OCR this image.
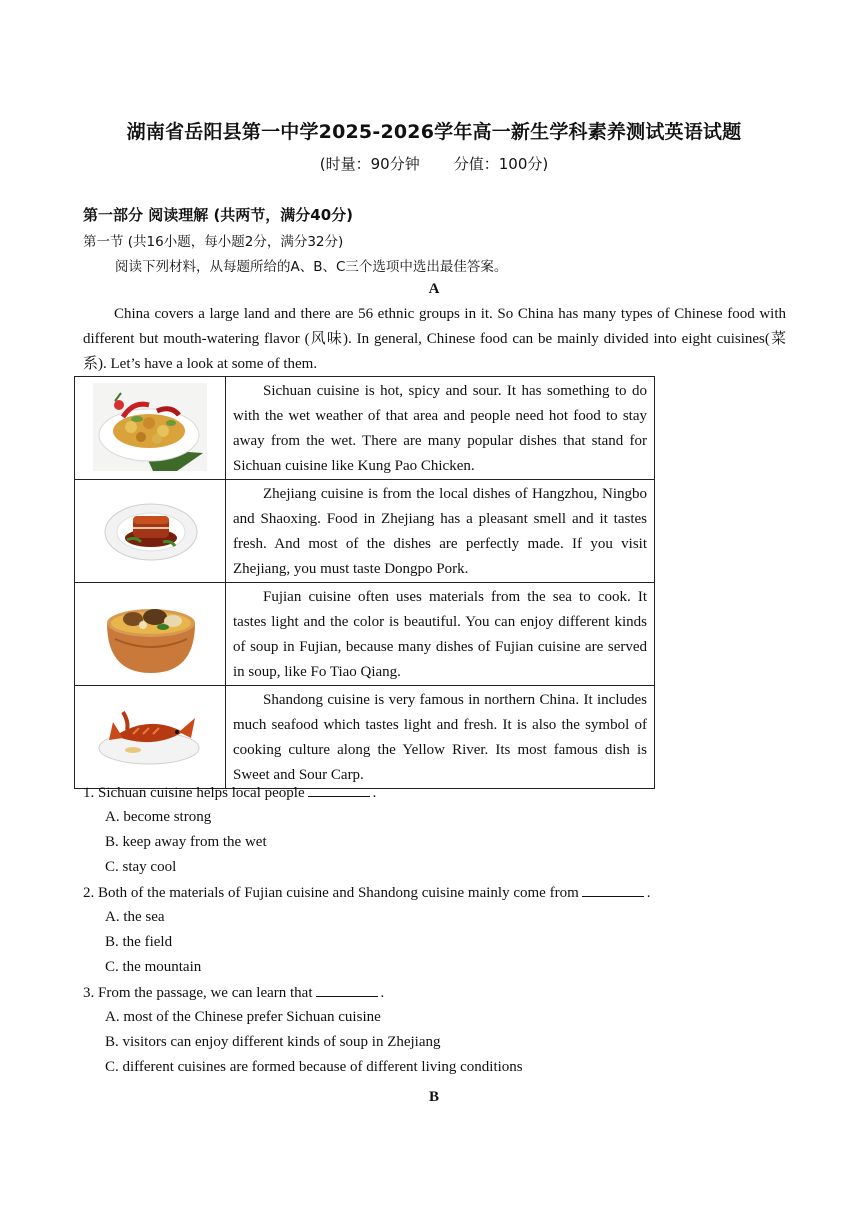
湖南省岳阳县第一中学2025-2026学年高一新生学科素养测试英语试题
(时量：90分钟 分值：100分)
第一部分 阅读理解 (共两节，满分40分)
第一节 (共16小题，每小题2分，满分32分)
阅读下列材料，从每题所给的A、B、C三个选项中选出最佳答案。
A
China covers a large land and there are 56 ethnic groups in it. So China has many types of Chinese food with different but mouth-watering flavor (风味). In general, Chinese food can be mainly divided into eight cuisines(菜系). Let’s have a look at some of them.
	Sichuan cuisine is hot, spicy and sour. It has something to do with the wet weather of that area and people need hot food to stay away from the wet. There are many popular dishes that stand for Sichuan cuisine like Kung Pao Chicken.

	Zhejiang cuisine is from the local dishes of Hangzhou, Ningbo and Shaoxing. Food in Zhejiang has a pleasant smell and it tastes fresh. And most of the dishes are perfectly made. If you visit Zhejiang, you must taste Dongpo Pork.

	Fujian cuisine often uses materials from the sea to cook. It tastes light and the color is beautiful. You can enjoy different kinds of soup in Fujian, because many dishes of Fujian cuisine are served in soup, like Fo Tiao Qiang.

	Shandong cuisine is very famous in northern China. It includes much seafood which tastes light and fresh. It is also the symbol of cooking culture along the Yellow River. Its most famous dish is Sweet and Sour Carp.
1. Sichuan cuisine helps local people	.
A. become strong
B. keep away from the wet
C. stay cool
2. Both of the materials of Fujian cuisine and Shandong cuisine mainly come from	.
A. the sea
B. the field
C. the mountain
3. From the passage, we can learn that	.
A. most of the Chinese prefer Sichuan cuisine
B. visitors can enjoy different kinds of soup in Zhejiang
C. different cuisines are formed because of different living conditions
B
